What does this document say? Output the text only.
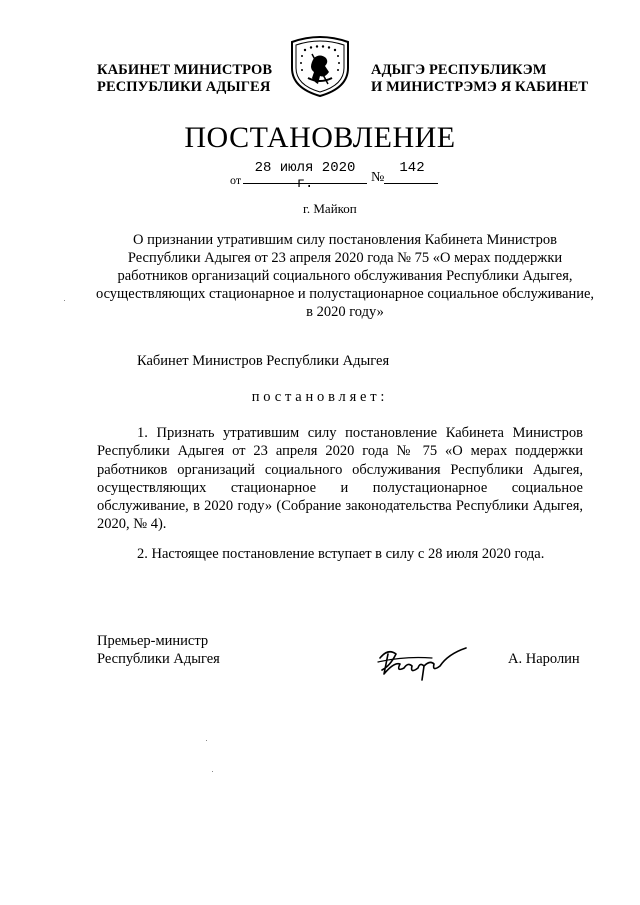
КАБИНЕТ МИНИСТРОВ
РЕСПУБЛИКИ АДЫГЕЯ
АДЫГЭ РЕСПУБЛИКЭМ
И МИНИСТРЭМЭ Я КАБИНЕТ
ПОСТАНОВЛЕНИЕ
от
28 июля 2020 г.	№
142
г. Майкоп
О признании утратившим силу постановления Кабинета Министров Республики Адыгея от 23 апреля 2020 года № 75 «О мерах поддержки работников организаций социального обслуживания Республики Адыгея, осуществляющих стационарное и полустационарное социальное обслуживание, в 2020 году»
Кабинет Министров Республики Адыгея
постановляет:
1. Признать утратившим силу постановление Кабинета Министров Республики Адыгея от 23 апреля 2020 года № 75 «О мерах поддержки работников организаций социального обслуживания Республики Адыгея, осуществляющих стационарное и полустационарное социальное обслуживание, в 2020 году» (Собрание законодательства Республики Адыгея, 2020, № 4).
2. Настоящее постановление вступает в силу с 28 июля 2020 года.
Премьер-министр
Республики Адыгея	А. Наролин
